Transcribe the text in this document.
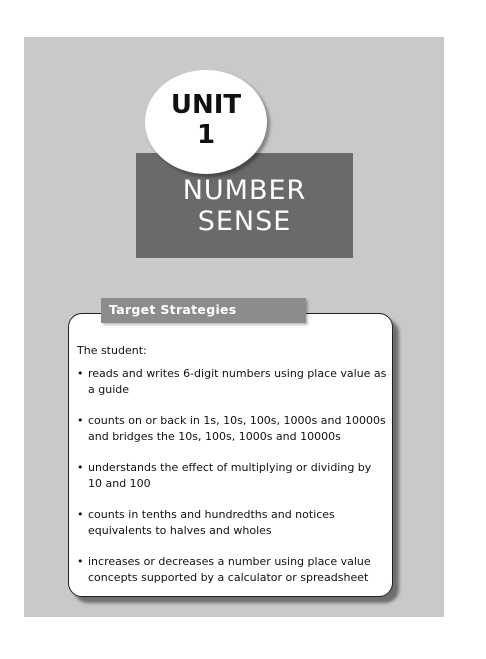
NUMBER
SENSE
UNIT
1
Target Strategies
The student:
• reads and writes 6-digit numbers using place value as a guide
• counts on or back in 1s, 10s, 100s, 1000s and 10000s and bridges the 10s, 100s, 1000s and 10000s
• understands the effect of multiplying or dividing by 10 and 100
• counts in tenths and hundredths and notices equivalents to halves and wholes
• increases or decreases a number using place value concepts supported by a calculator or spreadsheet
